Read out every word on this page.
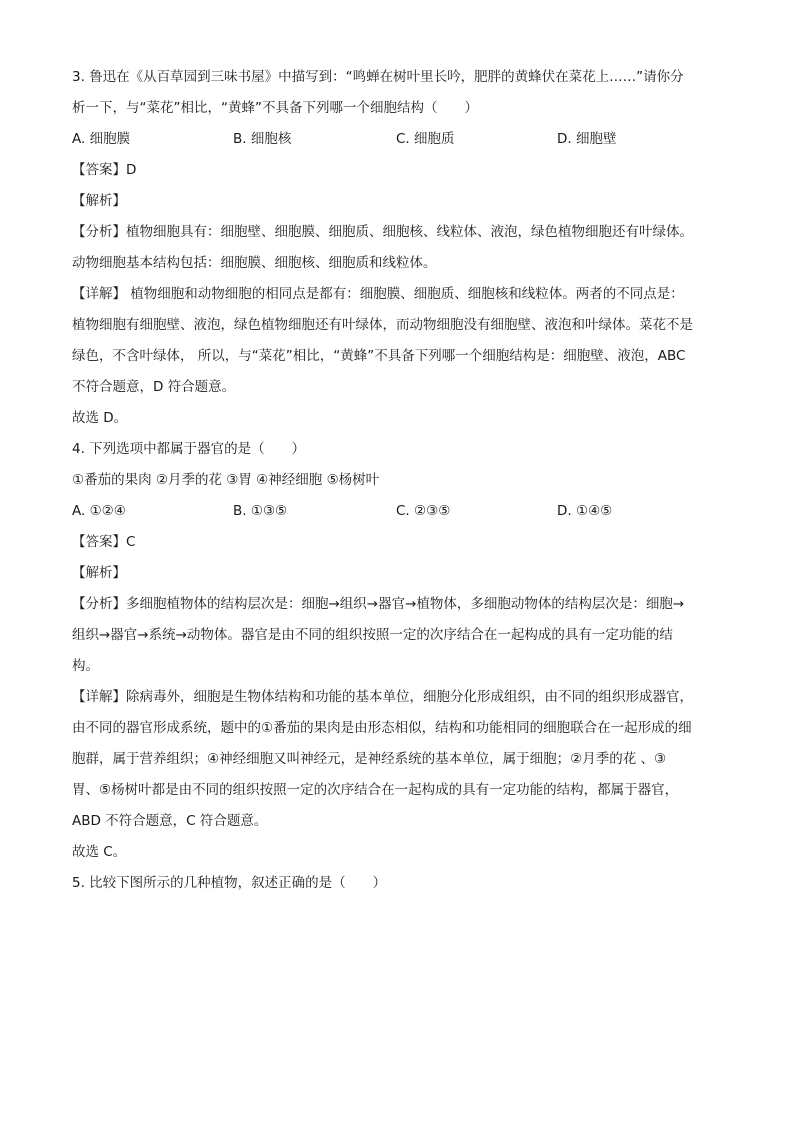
3. 鲁迅在《从百草园到三味书屋》中描写到：“鸣蝉在树叶里长吟，肥胖的黄蜂伏在菜花上……”请你分
析一下，与“菜花”相比，“黄蜂”不具备下列哪一个细胞结构（　　）
A. 细胞膜	B. 细胞核	C. 细胞质	D. 细胞壁
【答案】D
【解析】
【分析】植物细胞具有：细胞壁、细胞膜、细胞质、细胞核、线粒体、液泡，绿色植物细胞还有叶绿体。
动物细胞基本结构包括：细胞膜、细胞核、细胞质和线粒体。
【详解】 植物细胞和动物细胞的相同点是都有：细胞膜、细胞质、细胞核和线粒体。两者的不同点是：
植物细胞有细胞壁、液泡，绿色植物细胞还有叶绿体，而动物细胞没有细胞壁、液泡和叶绿体。菜花不是
绿色，不含叶绿体， 所以，与“菜花”相比，“黄蜂”不具备下列哪一个细胞结构是：细胞壁、液泡，ABC
不符合题意，D 符合题意。
故选 D。
4. 下列选项中都属于器官的是（　　）
①番茄的果肉 ②月季的花 ③胃 ④神经细胞 ⑤杨树叶
A. ①②④	B. ①③⑤	C. ②③⑤	D. ①④⑤
【答案】C
【解析】
【分析】多细胞植物体的结构层次是：细胞→组织→器官→植物体，多细胞动物体的结构层次是：细胞→
组织→器官→系统→动物体。器官是由不同的组织按照一定的次序结合在一起构成的具有一定功能的结
构。
【详解】除病毒外，细胞是生物体结构和功能的基本单位，细胞分化形成组织，由不同的组织形成器官，
由不同的器官形成系统，题中的①番茄的果肉是由形态相似，结构和功能相同的细胞联合在一起形成的细
胞群，属于营养组织；④神经细胞又叫神经元，是神经系统的基本单位，属于细胞；②月季的花 、③
胃、⑤杨树叶都是由不同的组织按照一定的次序结合在一起构成的具有一定功能的结构，都属于器官，
ABD 不符合题意，C 符合题意。
故选 C。
5. 比较下图所示的几种植物，叙述正确的是（　　）
